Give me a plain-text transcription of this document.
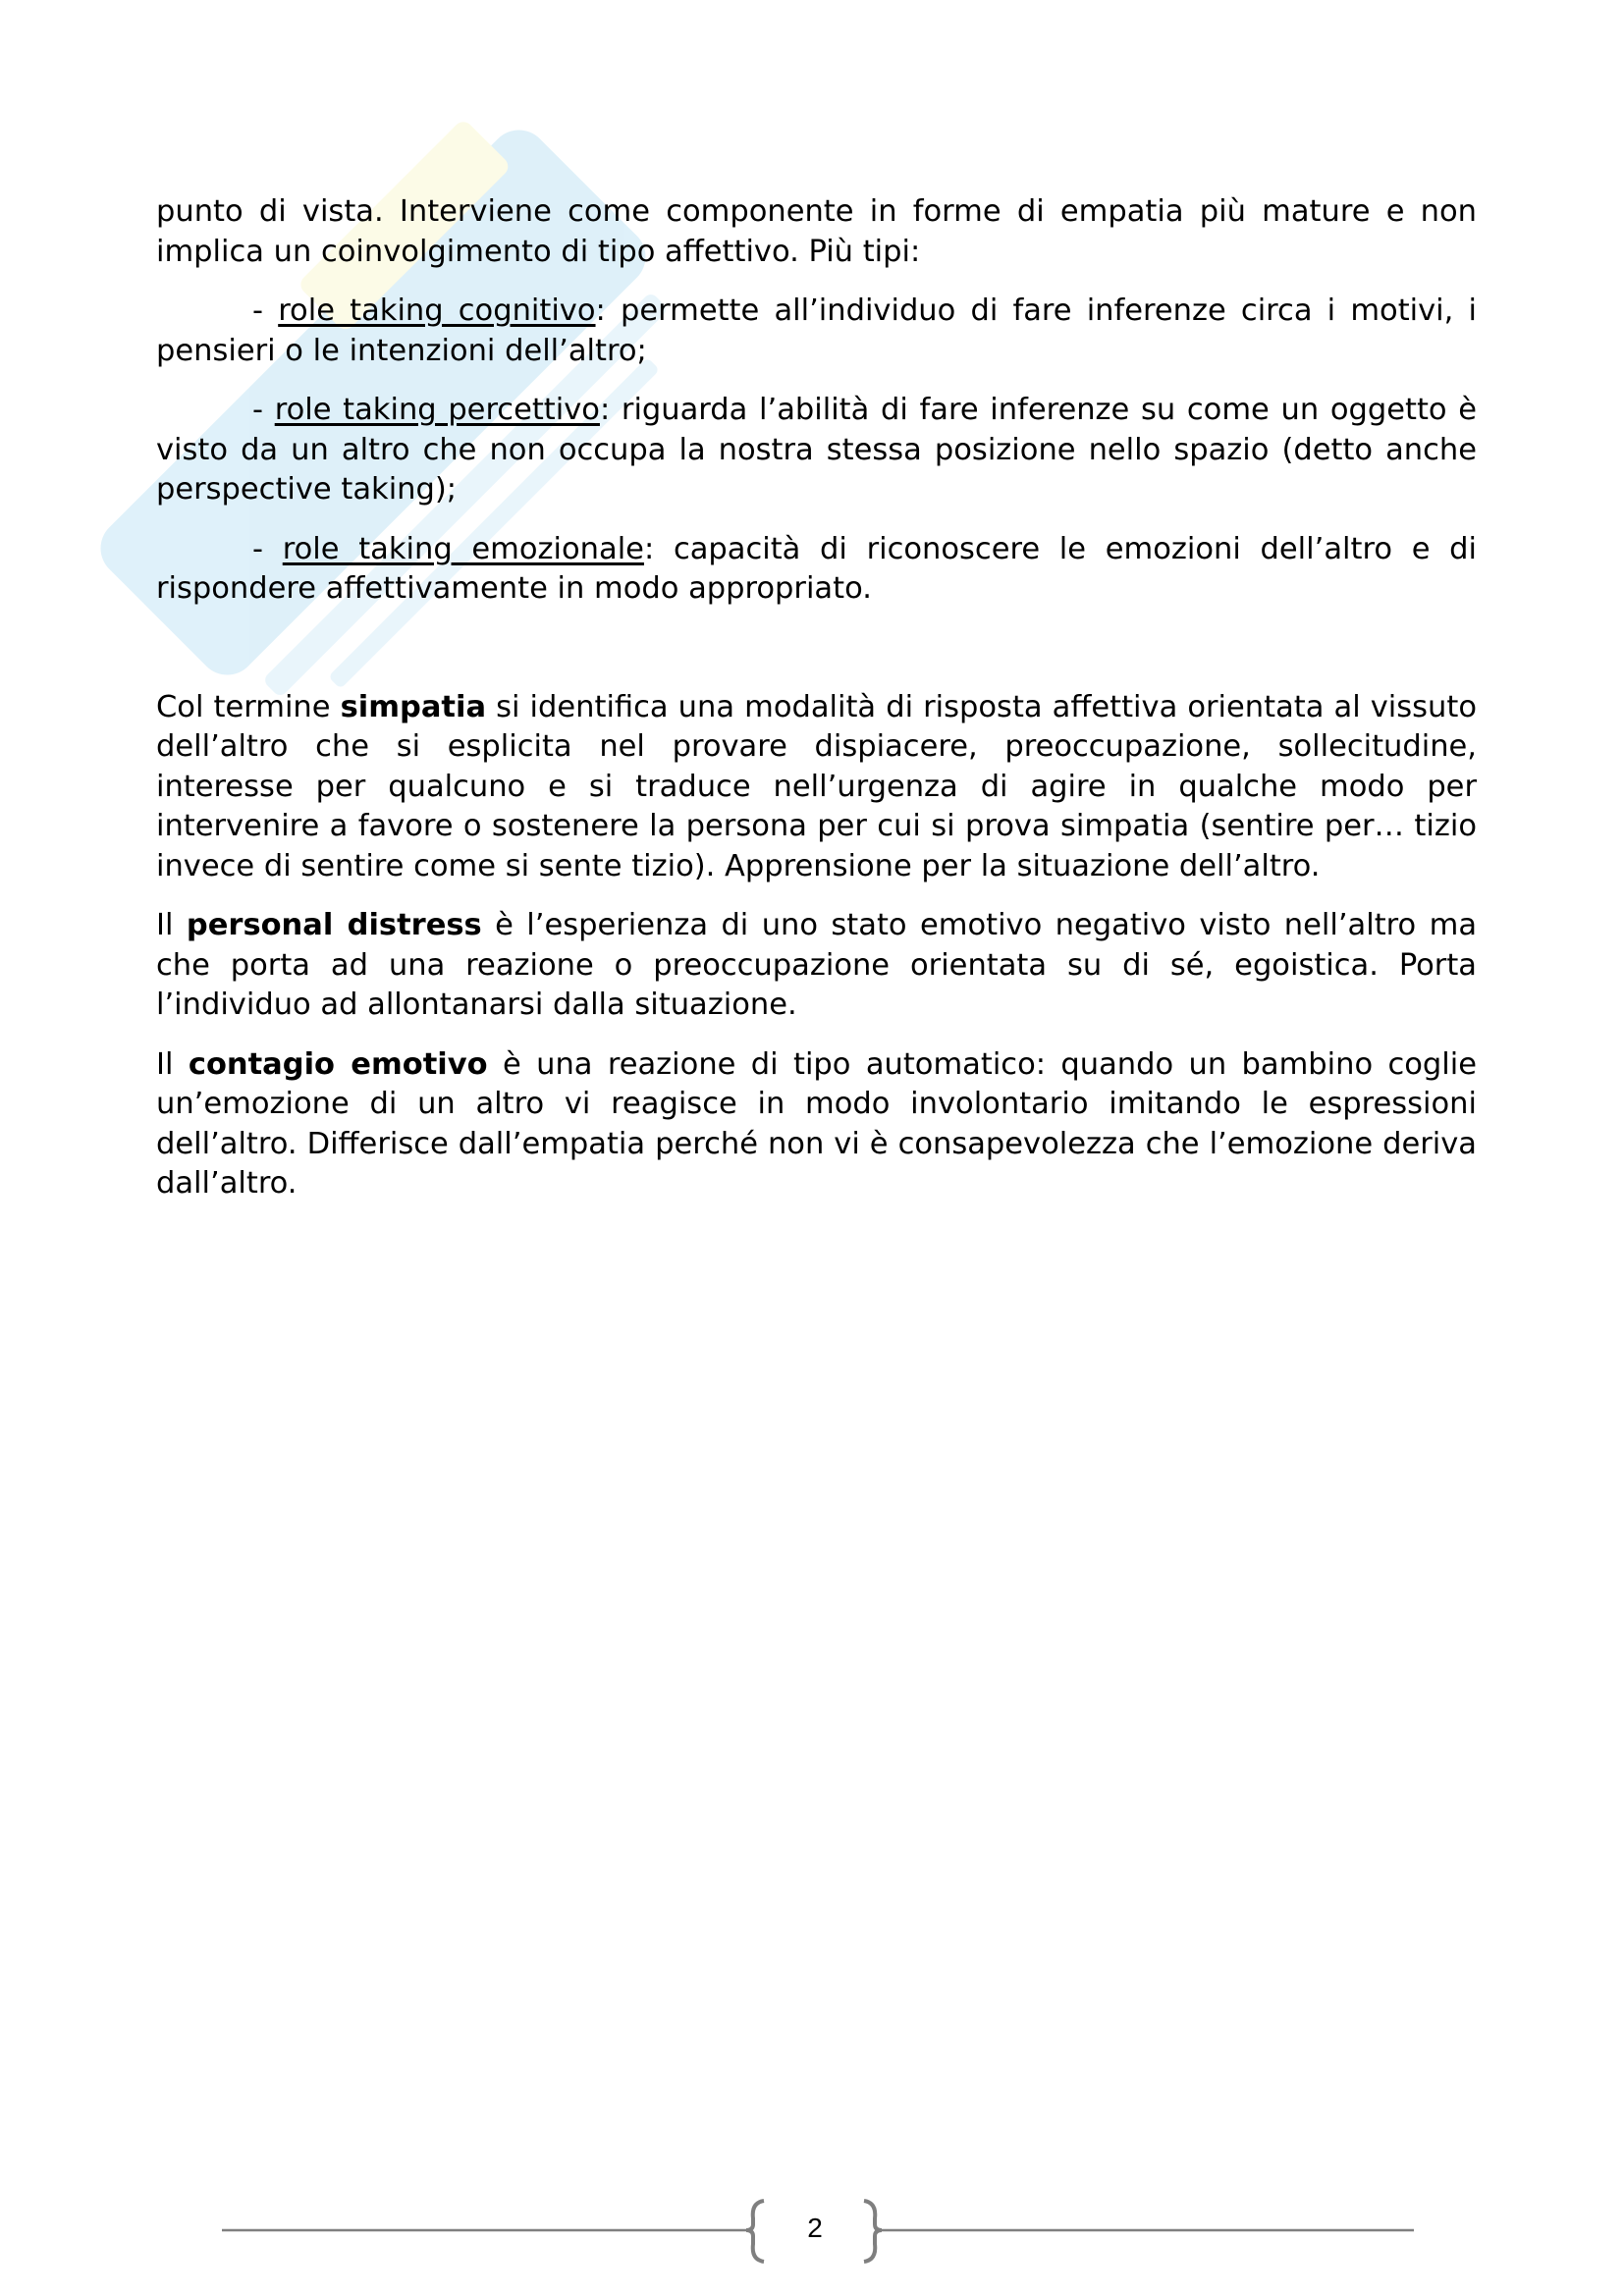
punto di vista. Interviene come componente in forme di empatia più mature e non implica un coinvolgimento di tipo affettivo. Più tipi:

- role taking cognitivo: permette all’individuo di fare inferenze circa i motivi, i pensieri o le intenzioni dell’altro;

- role taking percettivo: riguarda l’abilità di fare inferenze su come un oggetto è visto da un altro che non occupa la nostra stessa posizione nello spazio (detto anche perspective taking);

- role taking emozionale: capacità di riconoscere le emozioni dell’altro e di rispondere affettivamente in modo appropriato.

Col termine simpatia si identifica una modalità di risposta affettiva orientata al vissuto dell’altro che si esplicita nel provare dispiacere, preoccupazione, sollecitudine, interesse per qualcuno e si traduce nell’urgenza di agire in qualche modo per intervenire a favore o sostenere la persona per cui si prova simpatia (sentire per… tizio invece di sentire come si sente tizio). Apprensione per la situazione dell’altro.

Il personal distress è l’esperienza di uno stato emotivo negativo visto nell’altro ma che porta ad una reazione o preoccupazione orientata su di sé, egoistica. Porta l’individuo ad allontanarsi dalla situazione.

Il contagio emotivo è una reazione di tipo automatico: quando un bambino coglie un’emozione di un altro vi reagisce in modo involontario imitando le espressioni dell’altro. Differisce dall’empatia perché non vi è consapevolezza che l’emozione deriva dall’altro.

2
